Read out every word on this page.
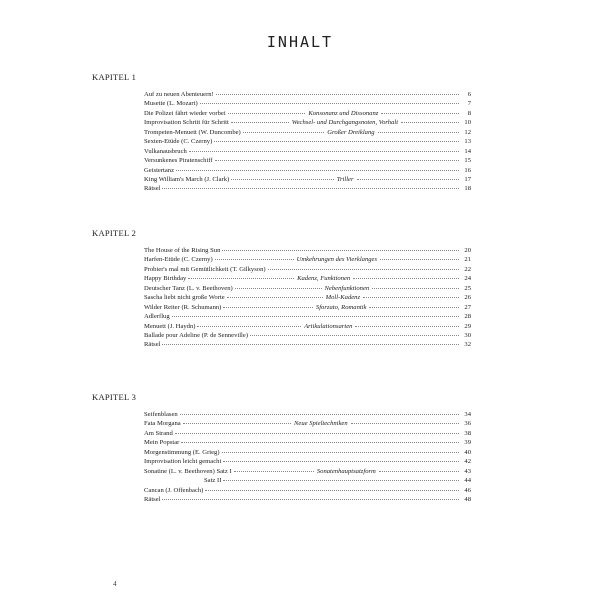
INHALT
KAPITEL 1
Auf zu neuen Abenteuern!	6
Musette (L. Mozart)	7
Die Polizei fährt wieder vorbei	Konsonanz und Dissonanz	8
Improvisation Schritt für Schritt	Wechsel- und Durchgangsnoten, Vorhalt	10
Trompeten-Menuett (W. Duncombe)	Großer Dreiklang	12
Sexten-Etüde (C. Czerny)	13
Vulkanausbruch	14
Versunkenes Piratenschiff	15
Geistertanz	16
King William's March (J. Clark)	Triller	17
Rätsel	18
KAPITEL 2
The House of the Rising Sun	20
Harfen-Etüde (C. Czerny)	Umkehrungen des Vierklanges	21
Probier's mal mit Gemütlichkeit (T. Gilkyson)	22
Happy Birthday	Kadenz, Funktionen	24
Deutscher Tanz (L. v. Beethoven)	Nebenfunktionen	25
Sascha liebt nicht große Worte	Moll-Kadenz	26
Wilder Reiter (R. Schumann)	Sforzato, Romantik	27
Adlerflug	28
Menuett (J. Haydn)	Artikulationsarten	29
Ballade pour Adeline (P. de Senneville)	30
Rätsel	32
KAPITEL 3
Seifenblasen	34
Fata Morgana	Neue Spieltechniken	36
Am Strand	38
Mein Popstar	39
Morgenstimmung (E. Grieg)	40
Improvisation leicht gemacht	42
Sonatine (L. v. Beethoven) Satz I	Sonatenhauptsatzform	43
Satz II	44
Cancan (J. Offenbach)	46
Rätsel	48
4
